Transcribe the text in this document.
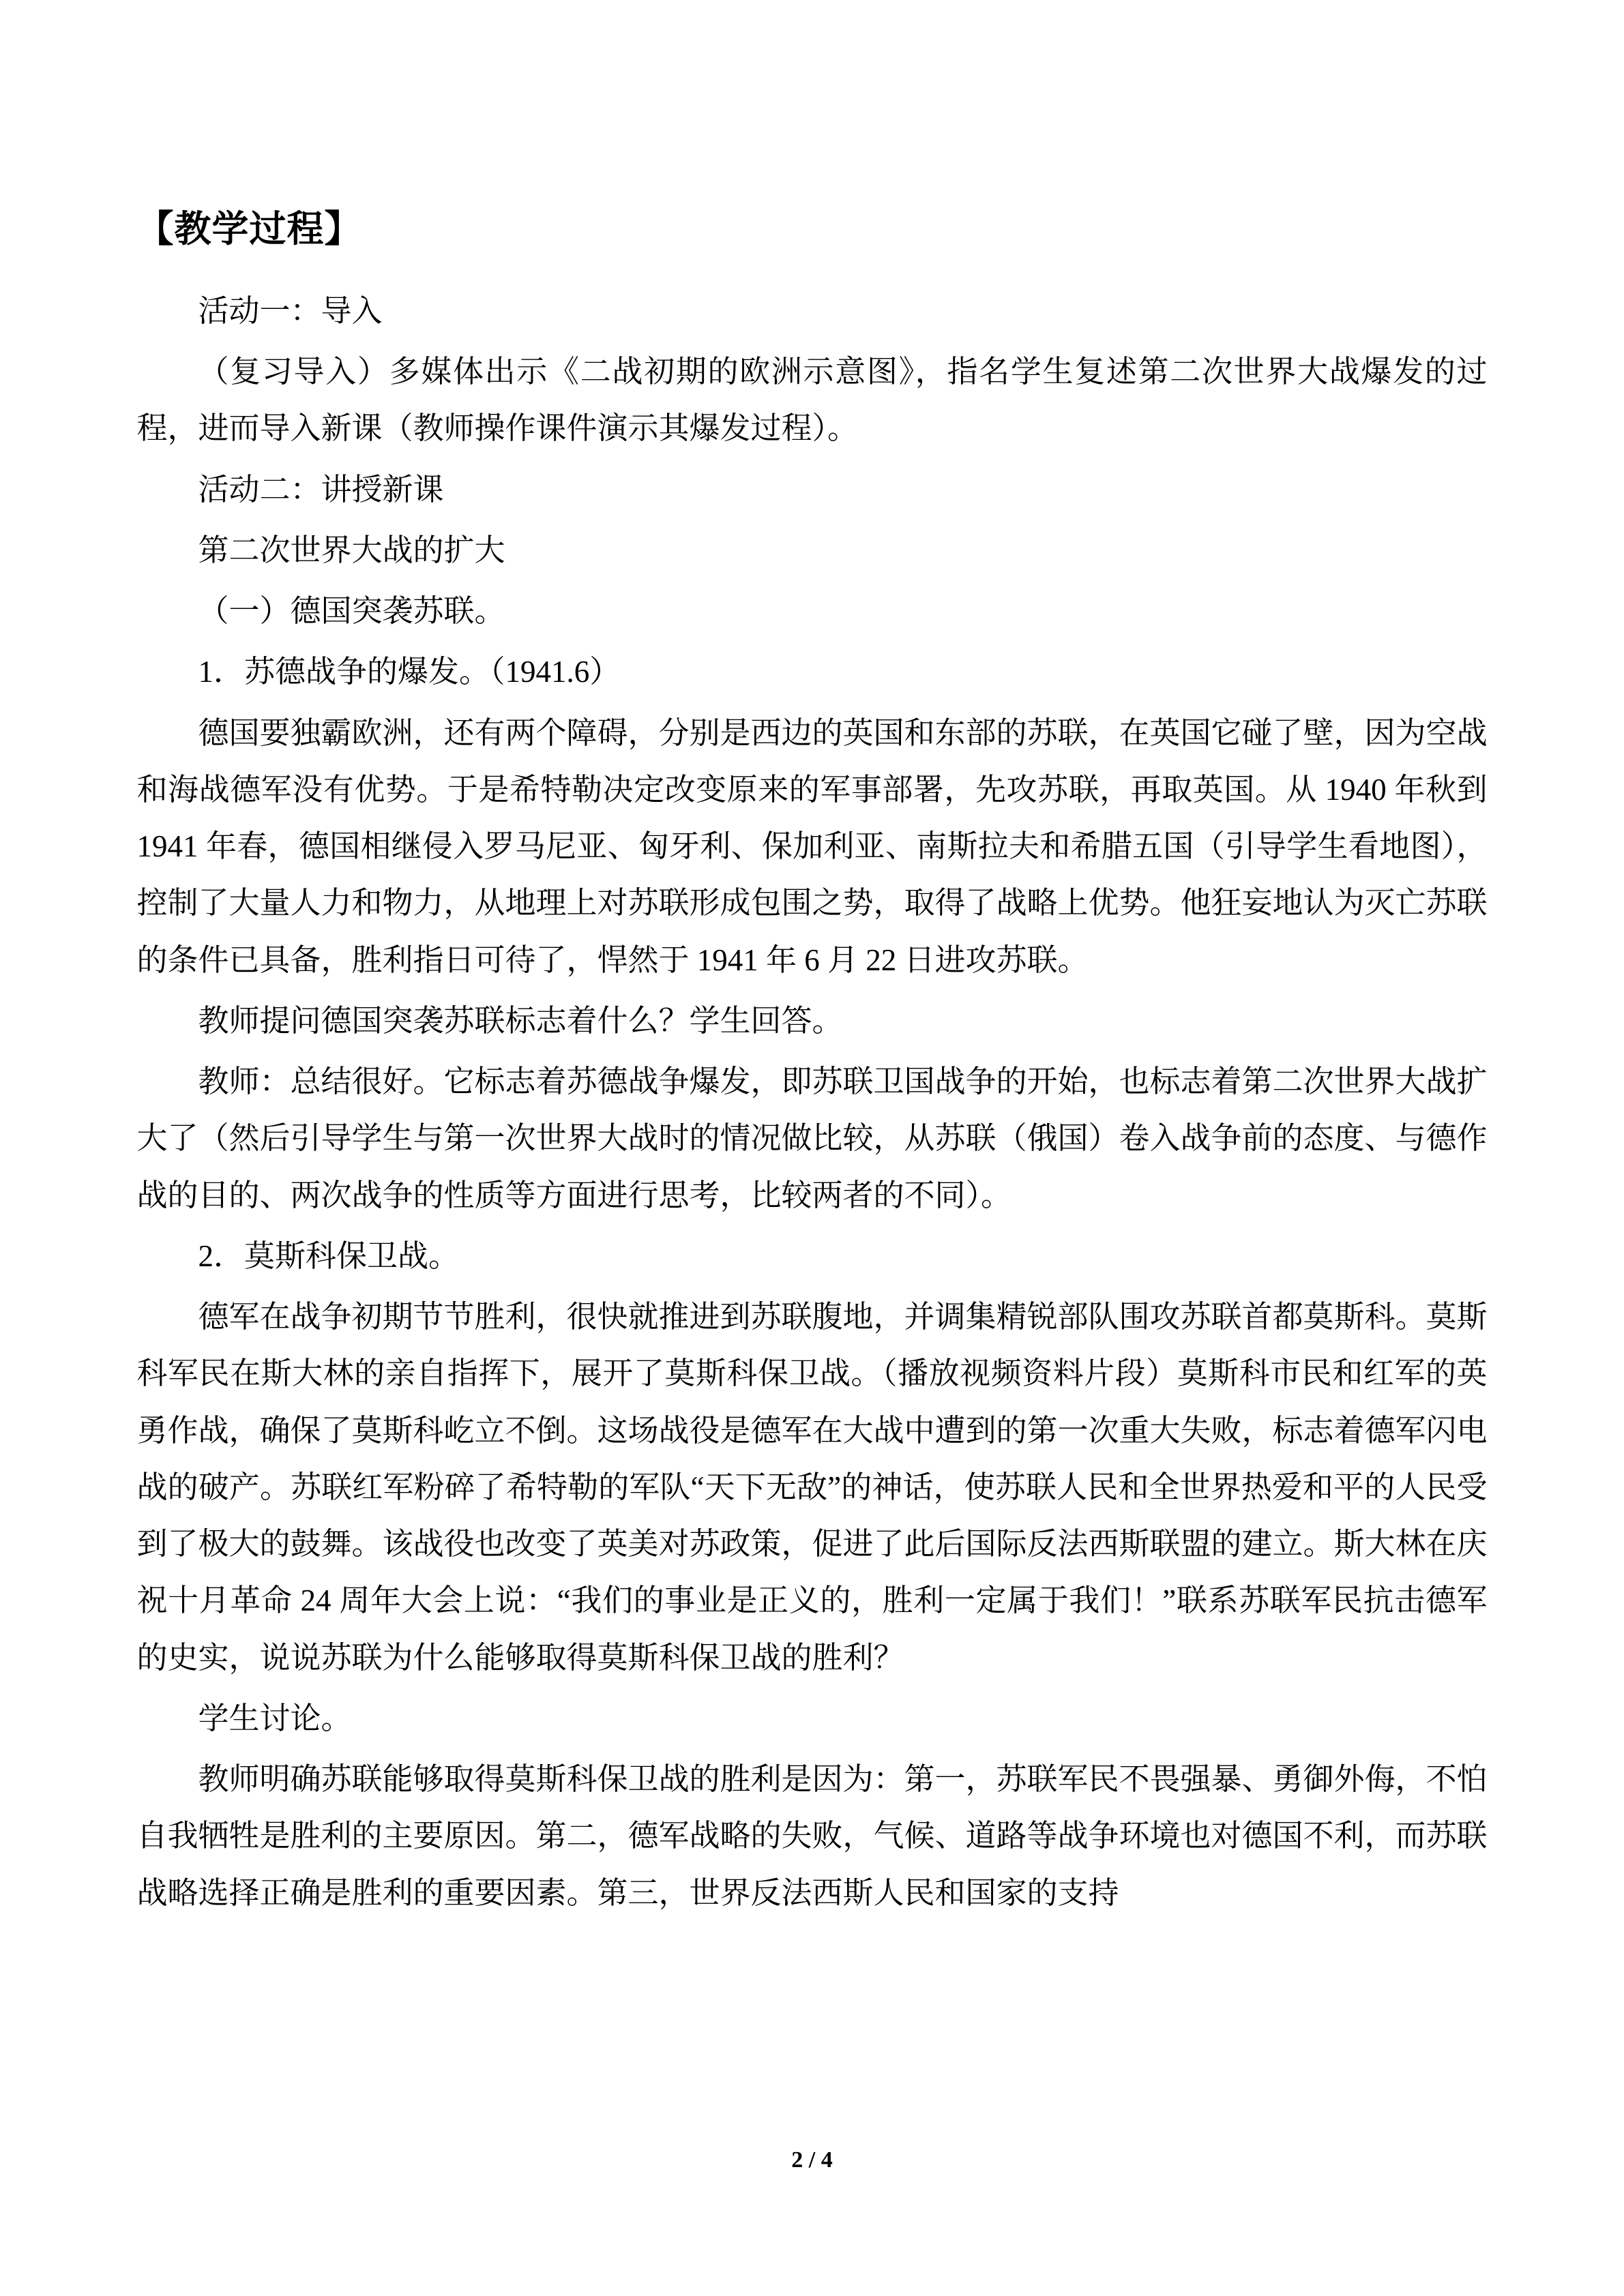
【教学过程】

活动一：导入

（复习导入）多媒体出示《二战初期的欧洲示意图》，指名学生复述第二次世界大战爆发的过程，进而导入新课（教师操作课件演示其爆发过程）。

活动二：讲授新课

第二次世界大战的扩大

（一）德国突袭苏联。

1．苏德战争的爆发。（1941.6）

德国要独霸欧洲，还有两个障碍，分别是西边的英国和东部的苏联，在英国它碰了壁，因为空战和海战德军没有优势。于是希特勒决定改变原来的军事部署，先攻苏联，再取英国。从 1940 年秋到 1941 年春，德国相继侵入罗马尼亚、匈牙利、保加利亚、南斯拉夫和希腊五国（引导学生看地图），控制了大量人力和物力，从地理上对苏联形成包围之势，取得了战略上优势。他狂妄地认为灭亡苏联的条件已具备，胜利指日可待了，悍然于 1941 年 6 月 22 日进攻苏联。

教师提问德国突袭苏联标志着什么？学生回答。

教师：总结很好。它标志着苏德战争爆发，即苏联卫国战争的开始，也标志着第二次世界大战扩大了（然后引导学生与第一次世界大战时的情况做比较，从苏联（俄国）卷入战争前的态度、与德作战的目的、两次战争的性质等方面进行思考，比较两者的不同）。

2．莫斯科保卫战。

德军在战争初期节节胜利，很快就推进到苏联腹地，并调集精锐部队围攻苏联首都莫斯科。莫斯科军民在斯大林的亲自指挥下，展开了莫斯科保卫战。（播放视频资料片段）莫斯科市民和红军的英勇作战，确保了莫斯科屹立不倒。这场战役是德军在大战中遭到的第一次重大失败，标志着德军闪电战的破产。苏联红军粉碎了希特勒的军队“天下无敌”的神话，使苏联人民和全世界热爱和平的人民受到了极大的鼓舞。该战役也改变了英美对苏政策，促进了此后国际反法西斯联盟的建立。斯大林在庆祝十月革命 24 周年大会上说：“我们的事业是正义的，胜利一定属于我们！”联系苏联军民抗击德军的史实，说说苏联为什么能够取得莫斯科保卫战的胜利？

学生讨论。

教师明确苏联能够取得莫斯科保卫战的胜利是因为：第一，苏联军民不畏强暴、勇御外侮，不怕自我牺牲是胜利的主要原因。第二，德军战略的失败，气候、道路等战争环境也对德国不利，而苏联战略选择正确是胜利的重要因素。第三，世界反法西斯人民和国家的支持

2 / 4
